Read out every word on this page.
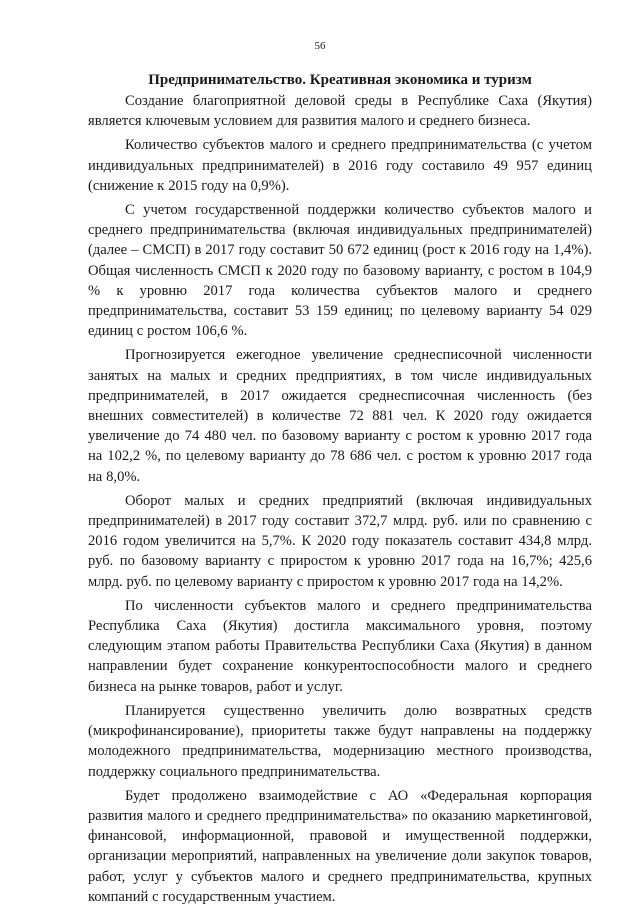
56
Предпринимательство. Креативная экономика и туризм

Создание благоприятной деловой среды в Республике Саха (Якутия) является ключевым условием для развития малого и среднего бизнеса.

Количество субъектов малого и среднего предпринимательства (с учетом индивидуальных предпринимателей) в 2016 году составило 49 957 единиц (снижение к 2015 году на 0,9%).

С учетом государственной поддержки количество субъектов малого и среднего предпринимательства (включая индивидуальных предпринимателей) (далее – СМСП) в 2017 году составит 50 672 единиц (рост к 2016 году на 1,4%). Общая численность СМСП к 2020 году по базовому варианту, с ростом в 104,9 % к уровню 2017 года количества субъектов малого и среднего предпринимательства, составит 53 159 единиц; по целевому варианту 54 029 единиц с ростом 106,6 %.

Прогнозируется ежегодное увеличение среднесписочной численности занятых на малых и средних предприятиях, в том числе индивидуальных предпринимателей, в 2017 ожидается среднесписочная численность (без внешних совместителей) в количестве 72 881 чел. К 2020 году ожидается увеличение до 74 480 чел. по базовому варианту с ростом к уровню 2017 года на 102,2 %, по целевому варианту до 78 686 чел. с ростом к уровню 2017 года на 8,0%.

Оборот малых и средних предприятий (включая индивидуальных предпринимателей) в 2017 году составит 372,7 млрд. руб. или по сравнению с 2016 годом увеличится на 5,7%. К 2020 году показатель составит 434,8 млрд. руб. по базовому варианту с приростом к уровню 2017 года на 16,7%; 425,6 млрд. руб. по целевому варианту с приростом к уровню 2017 года на 14,2%.

По численности субъектов малого и среднего предпринимательства Республика Саха (Якутия) достигла максимального уровня, поэтому следующим этапом работы Правительства Республики Саха (Якутия) в данном направлении будет сохранение конкурентоспособности малого и среднего бизнеса на рынке товаров, работ и услуг.

Планируется существенно увеличить долю возвратных средств (микрофинансирование), приоритеты также будут направлены на поддержку молодежного предпринимательства, модернизацию местного производства, поддержку социального предпринимательства.

Будет продолжено взаимодействие с АО «Федеральная корпорация развития малого и среднего предпринимательства» по оказанию маркетинговой, финансовой, информационной, правовой и имущественной поддержки, организации мероприятий, направленных на увеличение доли закупок товаров, работ, услуг у субъектов малого и среднего предпринимательства, крупных компаний с государственным участием.
